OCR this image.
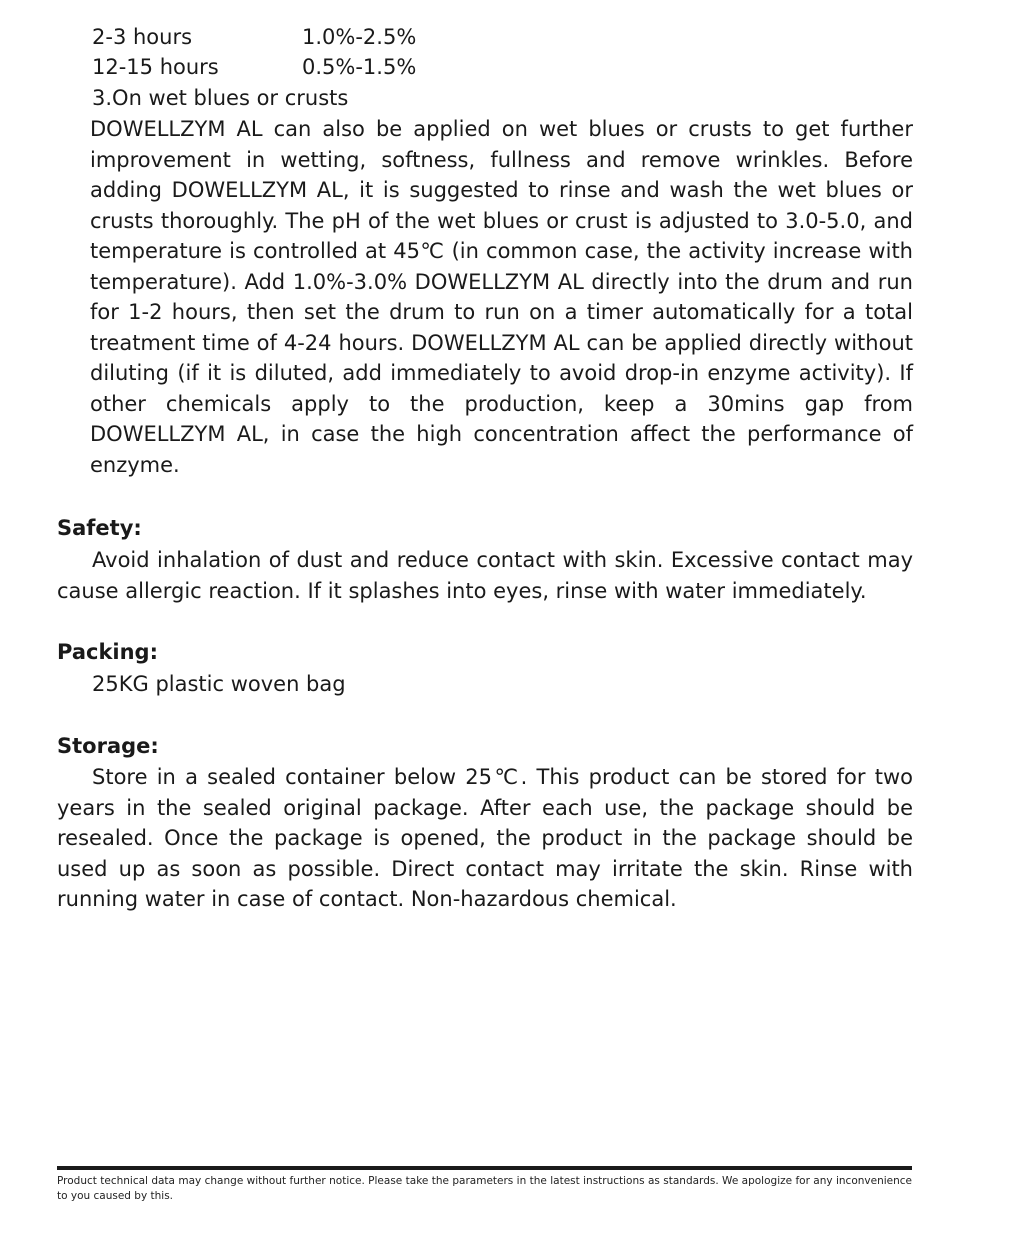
2-3 hours	1.0%-2.5%
12-15 hours	0.5%-1.5%
3.On wet blues or crusts

DOWELLZYM AL can also be applied on wet blues or crusts to get further improvement in wetting, softness, fullness and remove wrinkles. Before adding DOWELLZYM AL, it is suggested to rinse and wash the wet blues or crusts thoroughly. The pH of the wet blues or crust is adjusted to 3.0-5.0, and temperature is controlled at 45℃ (in common case, the activity increase with temperature). Add 1.0%-3.0% DOWELLZYM AL directly into the drum and run for 1-2 hours, then set the drum to run on a timer automatically for a total treatment time of 4-24 hours. DOWELLZYM AL can be applied directly without diluting (if it is diluted, add immediately to avoid drop-in enzyme activity). If other chemicals apply to the production, keep a 30mins gap from DOWELLZYM AL, in case the high concentration affect the performance of enzyme.

Safety:

Avoid inhalation of dust and reduce contact with skin. Excessive contact may cause allergic reaction. If it splashes into eyes, rinse with water immediately.

Packing:
25KG plastic woven bag
Storage:

Store in a sealed container below 25℃. This product can be stored for two years in the sealed original package. After each use, the package should be resealed. Once the package is opened, the product in the package should be used up as soon as possible. Direct contact may irritate the skin. Rinse with running water in case of contact. Non-hazardous chemical.

Product technical data may change without further notice. Please take the parameters in the latest instructions as standards. We apologize for any inconvenience to you caused by this.
